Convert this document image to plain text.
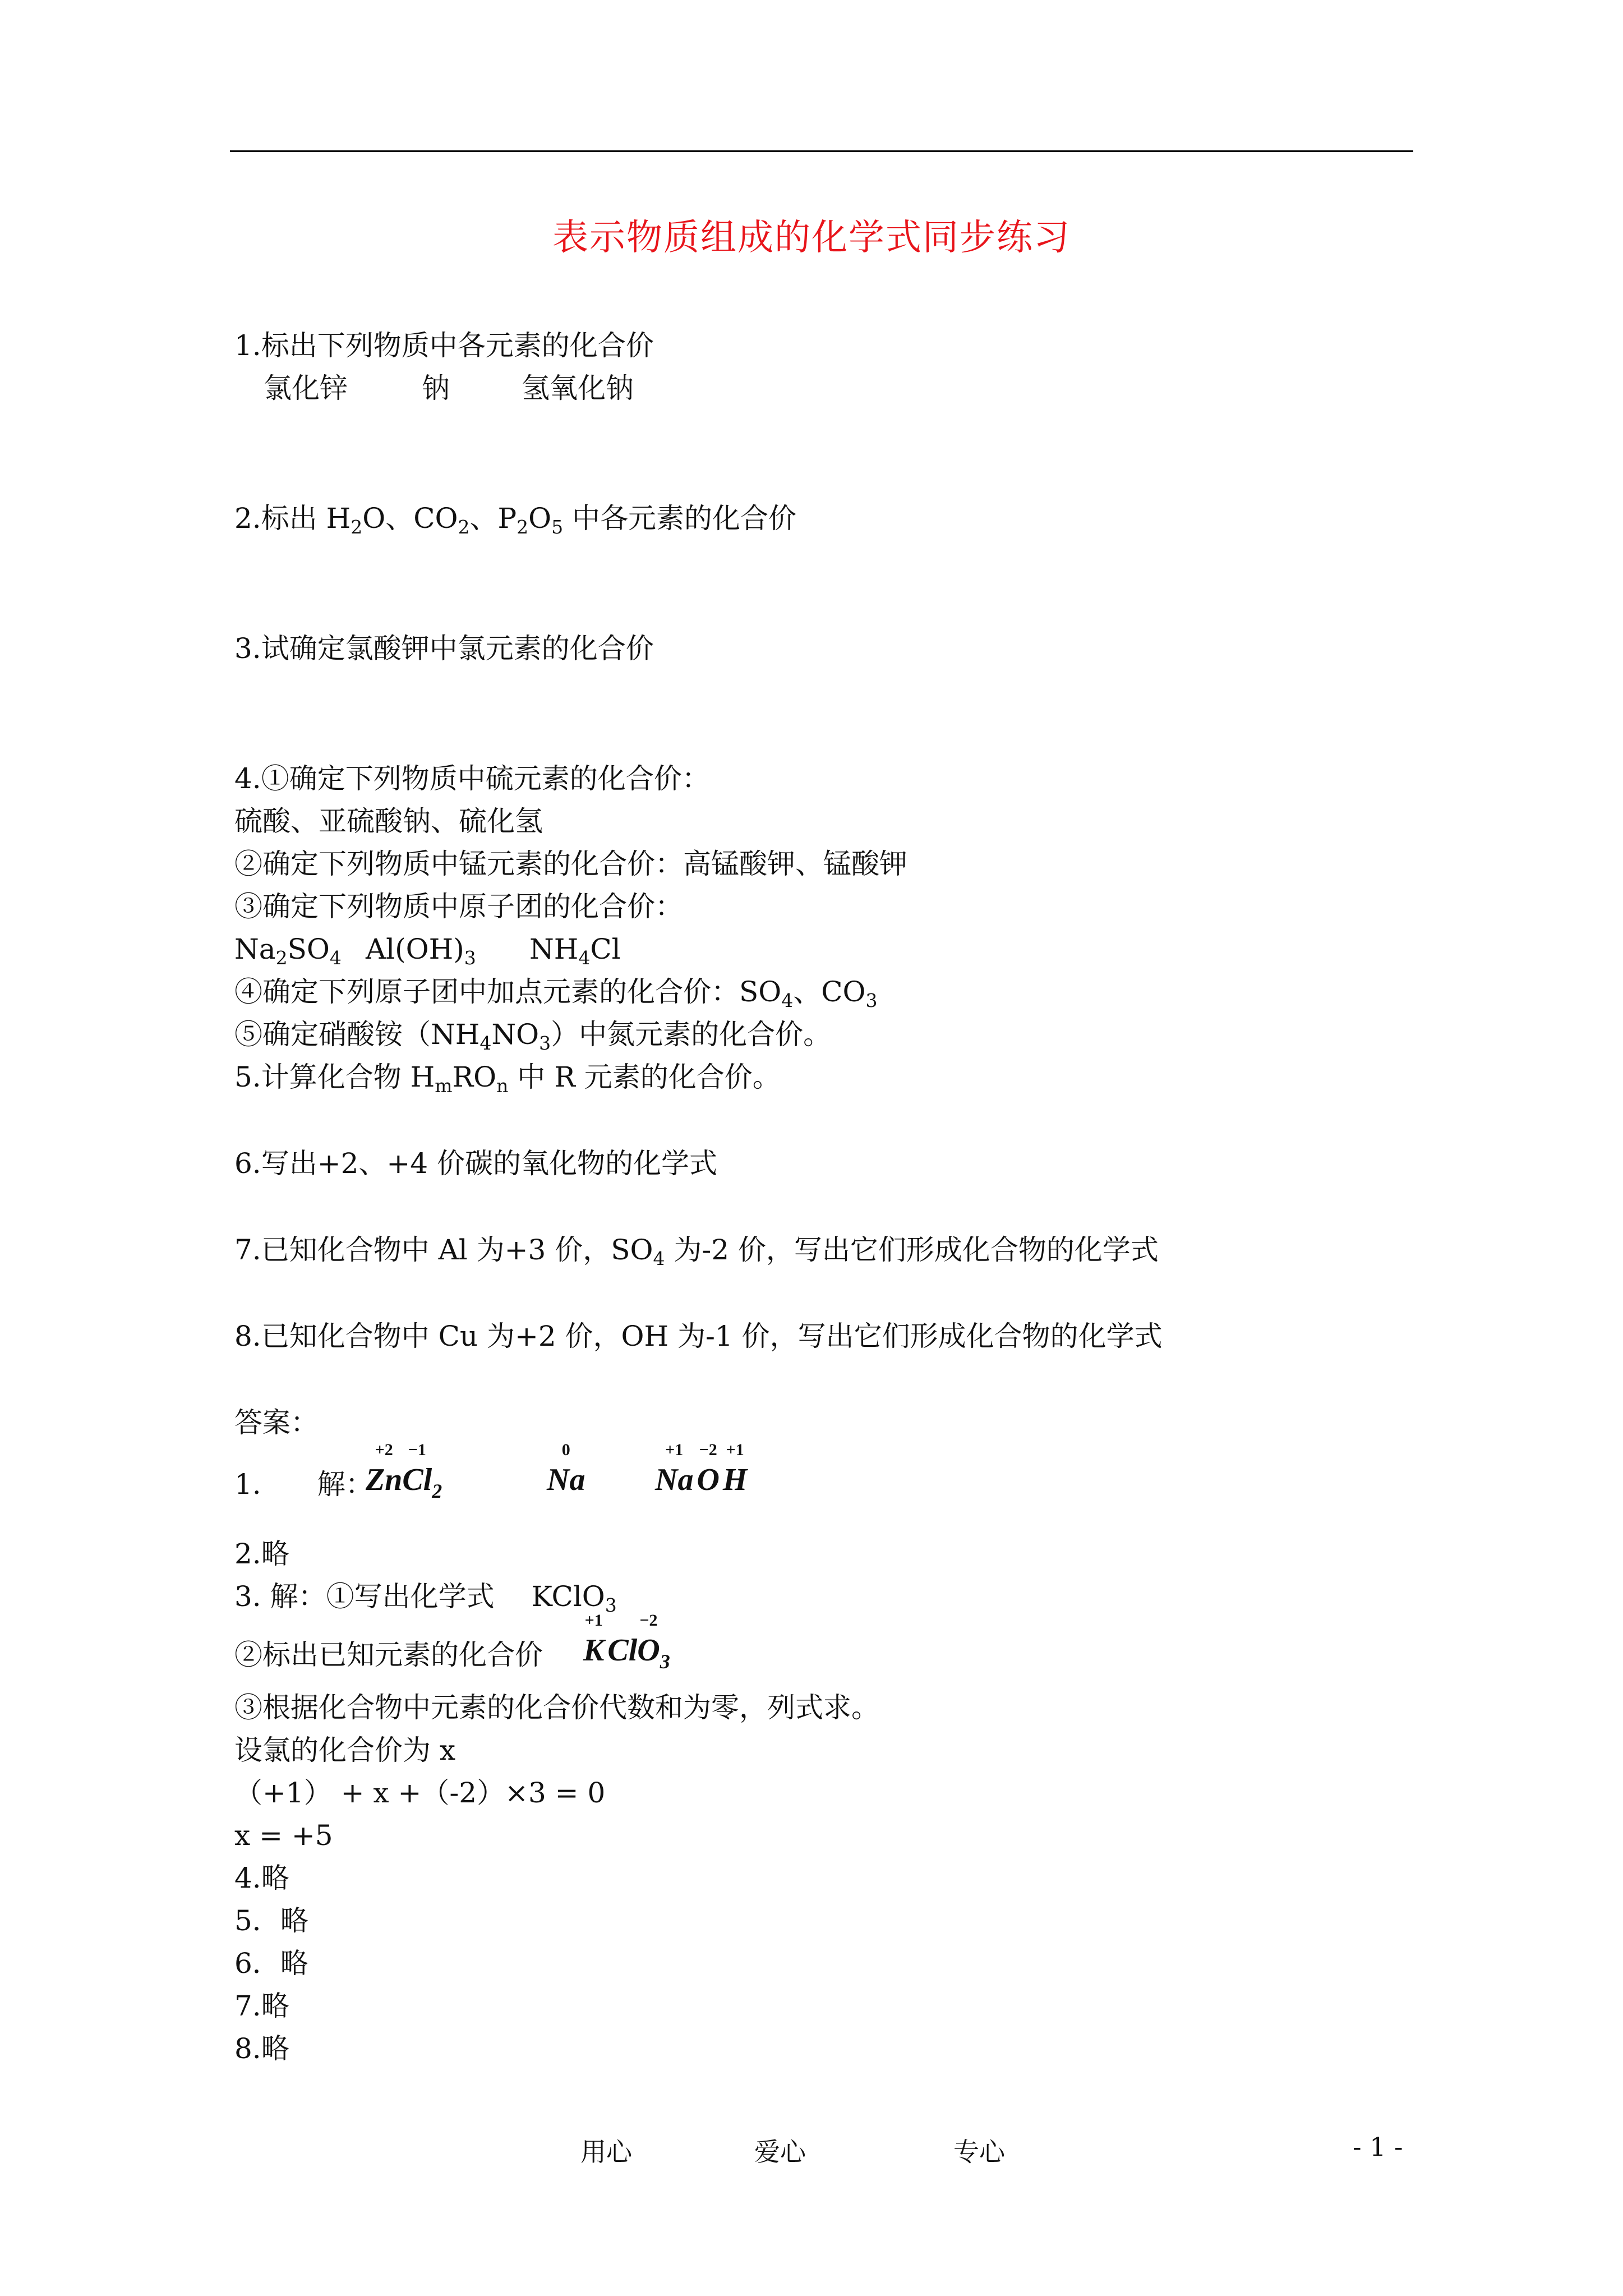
表示物质组成的化学式同步练习
1.标出下列物质中各元素的化合价
氯化锌	钠	氢氧化钠
2.标出 $H_2O$、$CO_2$、$P_2O_5$ 中各元素的化合价
3.试确定氯酸钾中氯元素的化合价
4.①确定下列物质中硫元素的化合价：
硫酸、亚硫酸钠、硫化氢
②确定下列物质中锰元素的化合价：高锰酸钾、锰酸钾
③确定下列物质中原子团的化合价：
$Na_2SO_4$ $Al(OH)_3$ $NH_4Cl$
④确定下列原子团中加点元素的化合价：$SO_4$、$CO_3$
⑤确定硝酸铵$(NH_4NO_3)$中氮元素的化合价。
5.计算化合物 $H_mRO_n$ 中 R 元素的化合价。
6.写出+2、+4 价碳的氧化物的化学式
7.已知化合物中 Al 为+3 价，$SO_4$ 为-2 价，写出它们形成化合物的化学式
8.已知化合物中 Cu 为+2 价，OH 为-1 价，写出它们形成化合物的化学式
答案：
1.　　解：
Zn
+2
Cl
−1
$_2$	Na
0
Na
+1
O
−2
H
+1
2.略
3. 解：①写出化学式　 KClO$_3$
②标出已知元素的化合价 K
+1
ClO
−2
$_3$
③根据化合物中元素的化合价代数和为零，列式求。
设氯的化合价为 x
（+1） + x +（-2）×3 = 0
x = +5
4.略
5．略
6．略
7.略
8.略
用心	爱心	专心	- 1 -
